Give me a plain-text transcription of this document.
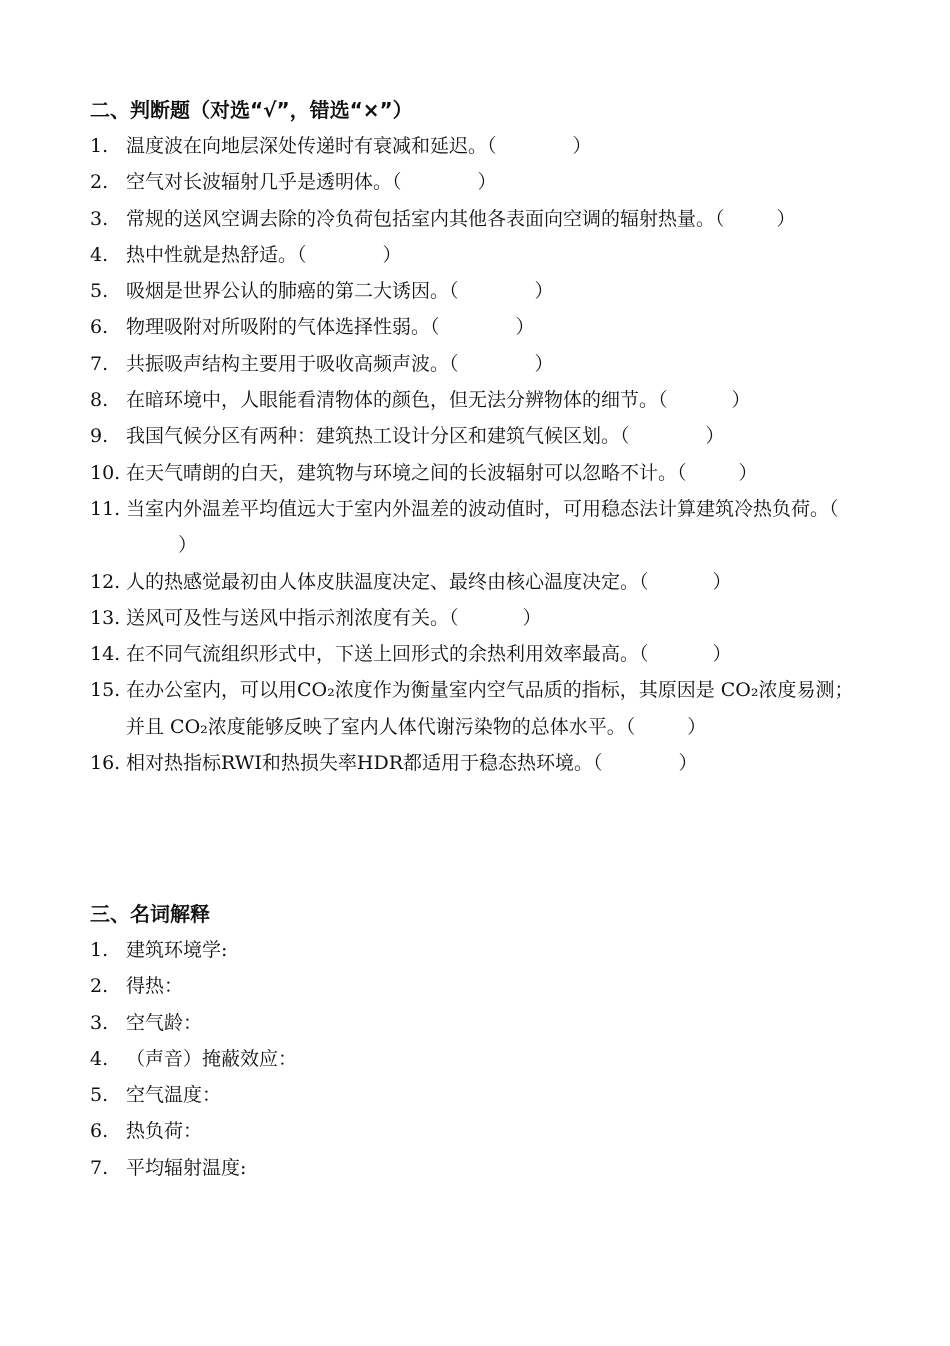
二、判断题（对选“√”，错选“×”）
1. 温度波在向地层深处传递时有衰减和延迟。（	）
2. 空气对长波辐射几乎是透明体。（	）
3. 常规的送风空调去除的冷负荷包括室内其他各表面向空调的辐射热量。（	）
4. 热中性就是热舒适。（	）
5. 吸烟是世界公认的肺癌的第二大诱因。（	）
6. 物理吸附对所吸附的气体选择性弱。（	）
7. 共振吸声结构主要用于吸收高频声波。（	）
8. 在暗环境中，人眼能看清物体的颜色，但无法分辨物体的细节。（	）
9. 我国气候分区有两种：建筑热工设计分区和建筑气候区划。（	）
10. 在天气晴朗的白天，建筑物与环境之间的长波辐射可以忽略不计。（	）
11. 当室内外温差平均值远大于室内外温差的波动值时，可用稳态法计算建筑冷热负荷。（）
12. 人的热感觉最初由人体皮肤温度决定、最终由核心温度决定。（	）
13. 送风可及性与送风中指示剂浓度有关。（	）
14. 在不同气流组织形式中，下送上回形式的余热利用效率最高。（	）
15. 在办公室内，可以用CO₂浓度作为衡量室内空气品质的指标，其原因是 CO₂浓度易测；并且 CO₂浓度能够反映了室内人体代谢污染物的总体水平。（	）
16. 相对热指标RWI和热损失率HDR都适用于稳态热环境。（	）
三、名词解释
1. 建筑环境学:
2. 得热：
3. 空气龄：
4. （声音）掩蔽效应：
5. 空气温度：
6. 热负荷：
7. 平均辐射温度:
